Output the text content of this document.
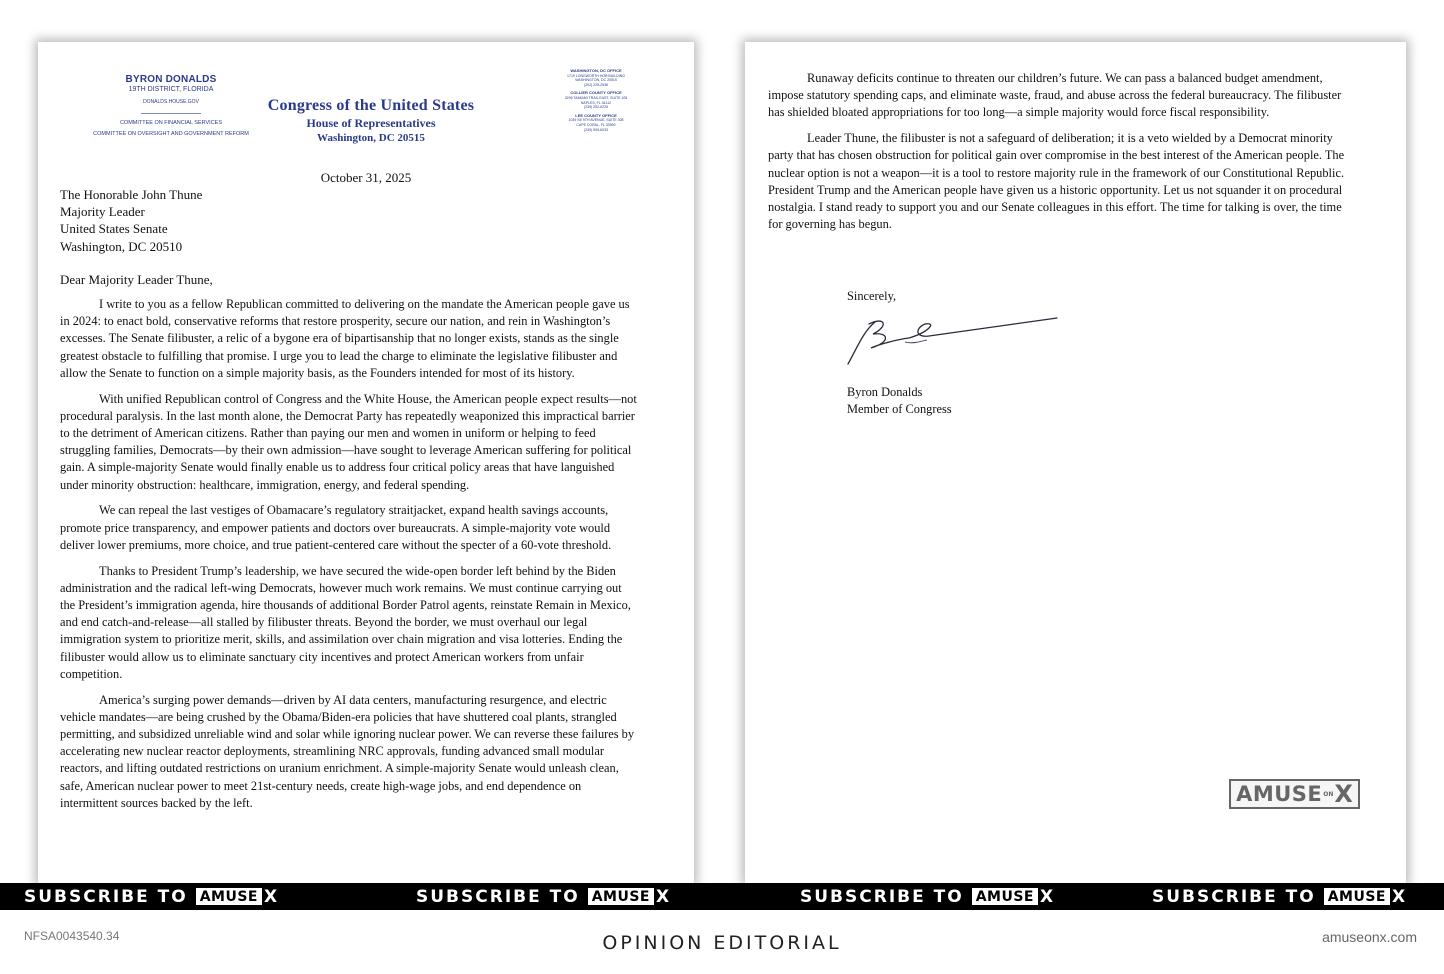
BYRON DONALDS
19TH DISTRICT, FLORIDA
DONALDS.HOUSE.GOV
COMMITTEE ON FINANCIAL SERVICES
COMMITTEE ON OVERSIGHT AND GOVERNMENT REFORM
Congress of the United States
House of Representatives
Washington, DC 20515
WASHINGTON, DC OFFICE
1719 LONGWORTH HOB BUILDING
WASHINGTON, DC 20515
(202) 225-2536
COLLIER COUNTY OFFICE
3299 TAMIAMI TRAIL EAST, SUITE 105
NAPLES, FL 34112
(239) 252-6225
LEE COUNTY OFFICE
1039 SE 9TH AVENUE, SUITE 308
CAPE CORAL, FL 33990
(239) 599-6033
October 31, 2025
The Honorable John Thune
Majority Leader
United States Senate
Washington, DC 20510
Dear Majority Leader Thune,

I write to you as a fellow Republican committed to delivering on the mandate the American people gave us in 2024: to enact bold, conservative reforms that restore prosperity, secure our nation, and rein in Washington’s excesses. The Senate filibuster, a relic of a bygone era of bipartisanship that no longer exists, stands as the single greatest obstacle to fulfilling that promise. I urge you to lead the charge to eliminate the legislative filibuster and allow the Senate to function on a simple majority basis, as the Founders intended for most of its history.

With unified Republican control of Congress and the White House, the American people expect results—not procedural paralysis. In the last month alone, the Democrat Party has repeatedly weaponized this impractical barrier to the detriment of American citizens. Rather than paying our men and women in uniform or helping to feed struggling families, Democrats—by their own admission—have sought to leverage American suffering for political gain. A simple-majority Senate would finally enable us to address four critical policy areas that have languished under minority obstruction: healthcare, immigration, energy, and federal spending.

We can repeal the last vestiges of Obamacare’s regulatory straitjacket, expand health savings accounts, promote price transparency, and empower patients and doctors over bureaucrats. A simple-majority vote would deliver lower premiums, more choice, and true patient-centered care without the specter of a 60-vote threshold.

Thanks to President Trump’s leadership, we have secured the wide-open border left behind by the Biden administration and the radical left-wing Democrats, however much work remains. We must continue carrying out the President’s immigration agenda, hire thousands of additional Border Patrol agents, reinstate Remain in Mexico, and end catch-and-release—all stalled by filibuster threats. Beyond the border, we must overhaul our legal immigration system to prioritize merit, skills, and assimilation over chain migration and visa lotteries. Ending the filibuster would allow us to eliminate sanctuary city incentives and protect American workers from unfair competition.

America’s surging power demands—driven by AI data centers, manufacturing resurgence, and electric vehicle mandates—are being crushed by the Obama/Biden-era policies that have shuttered coal plants, strangled permitting, and subsidized unreliable wind and solar while ignoring nuclear power. We can reverse these failures by accelerating new nuclear reactor deployments, streamlining NRC approvals, funding advanced small modular reactors, and lifting outdated restrictions on uranium enrichment. A simple-majority Senate would unleash clean, safe, American nuclear power to meet 21st-century needs, create high-wage jobs, and end dependence on intermittent sources backed by the left.

Runaway deficits continue to threaten our children’s future. We can pass a balanced budget amendment, impose statutory spending caps, and eliminate waste, fraud, and abuse across the federal bureaucracy. The filibuster has shielded bloated appropriations for too long—a simple majority would force fiscal responsibility.

Leader Thune, the filibuster is not a safeguard of deliberation; it is a veto wielded by a Democrat minority party that has chosen obstruction for political gain over compromise in the best interest of the American people. The nuclear option is not a weapon—it is a tool to restore majority rule in the framework of our Constitutional Republic. President Trump and the American people have given us a historic opportunity. Let us not squander it on procedural nostalgia. I stand ready to support you and our Senate colleagues in this effort. The time for talking is over, the time for governing has begun.

Sincerely,
Byron Donalds
Member of Congress
AMUSE ON X
SUBSCRIBE TO AMUSE X	SUBSCRIBE TO AMUSE X	SUBSCRIBE TO AMUSE X	SUBSCRIBE TO AMUSE X
NFSA0043540.34	OPINION EDITORIAL	amuseonx.com
